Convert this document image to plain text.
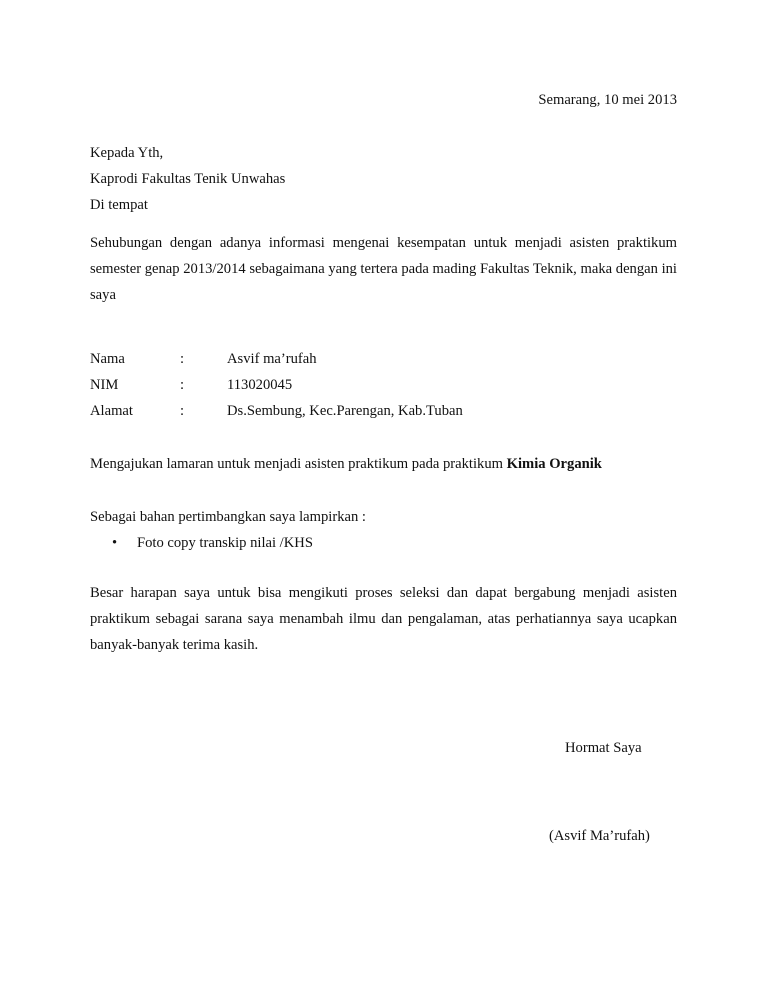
Semarang, 10 mei 2013
Kepada Yth,
Kaprodi Fakultas Tenik Unwahas
Di tempat
Sehubungan dengan adanya informasi mengenai kesempatan untuk menjadi asisten praktikum semester genap 2013/2014 sebagaimana yang tertera pada mading Fakultas Teknik, maka dengan ini saya
Nama	:	Asvif ma’rufah
NIM	:	113020045
Alamat	:	Ds.Sembung, Kec.Parengan, Kab.Tuban
Mengajukan lamaran untuk menjadi asisten praktikum pada praktikum Kimia Organik
Sebagai bahan pertimbangkan saya lampirkan :
• Foto copy transkip nilai /KHS
Besar harapan saya untuk bisa mengikuti proses seleksi dan dapat bergabung menjadi asisten praktikum sebagai sarana saya menambah ilmu dan pengalaman, atas perhatiannya saya ucapkan banyak-banyak terima kasih.
Hormat Saya
(Asvif Ma’rufah)
